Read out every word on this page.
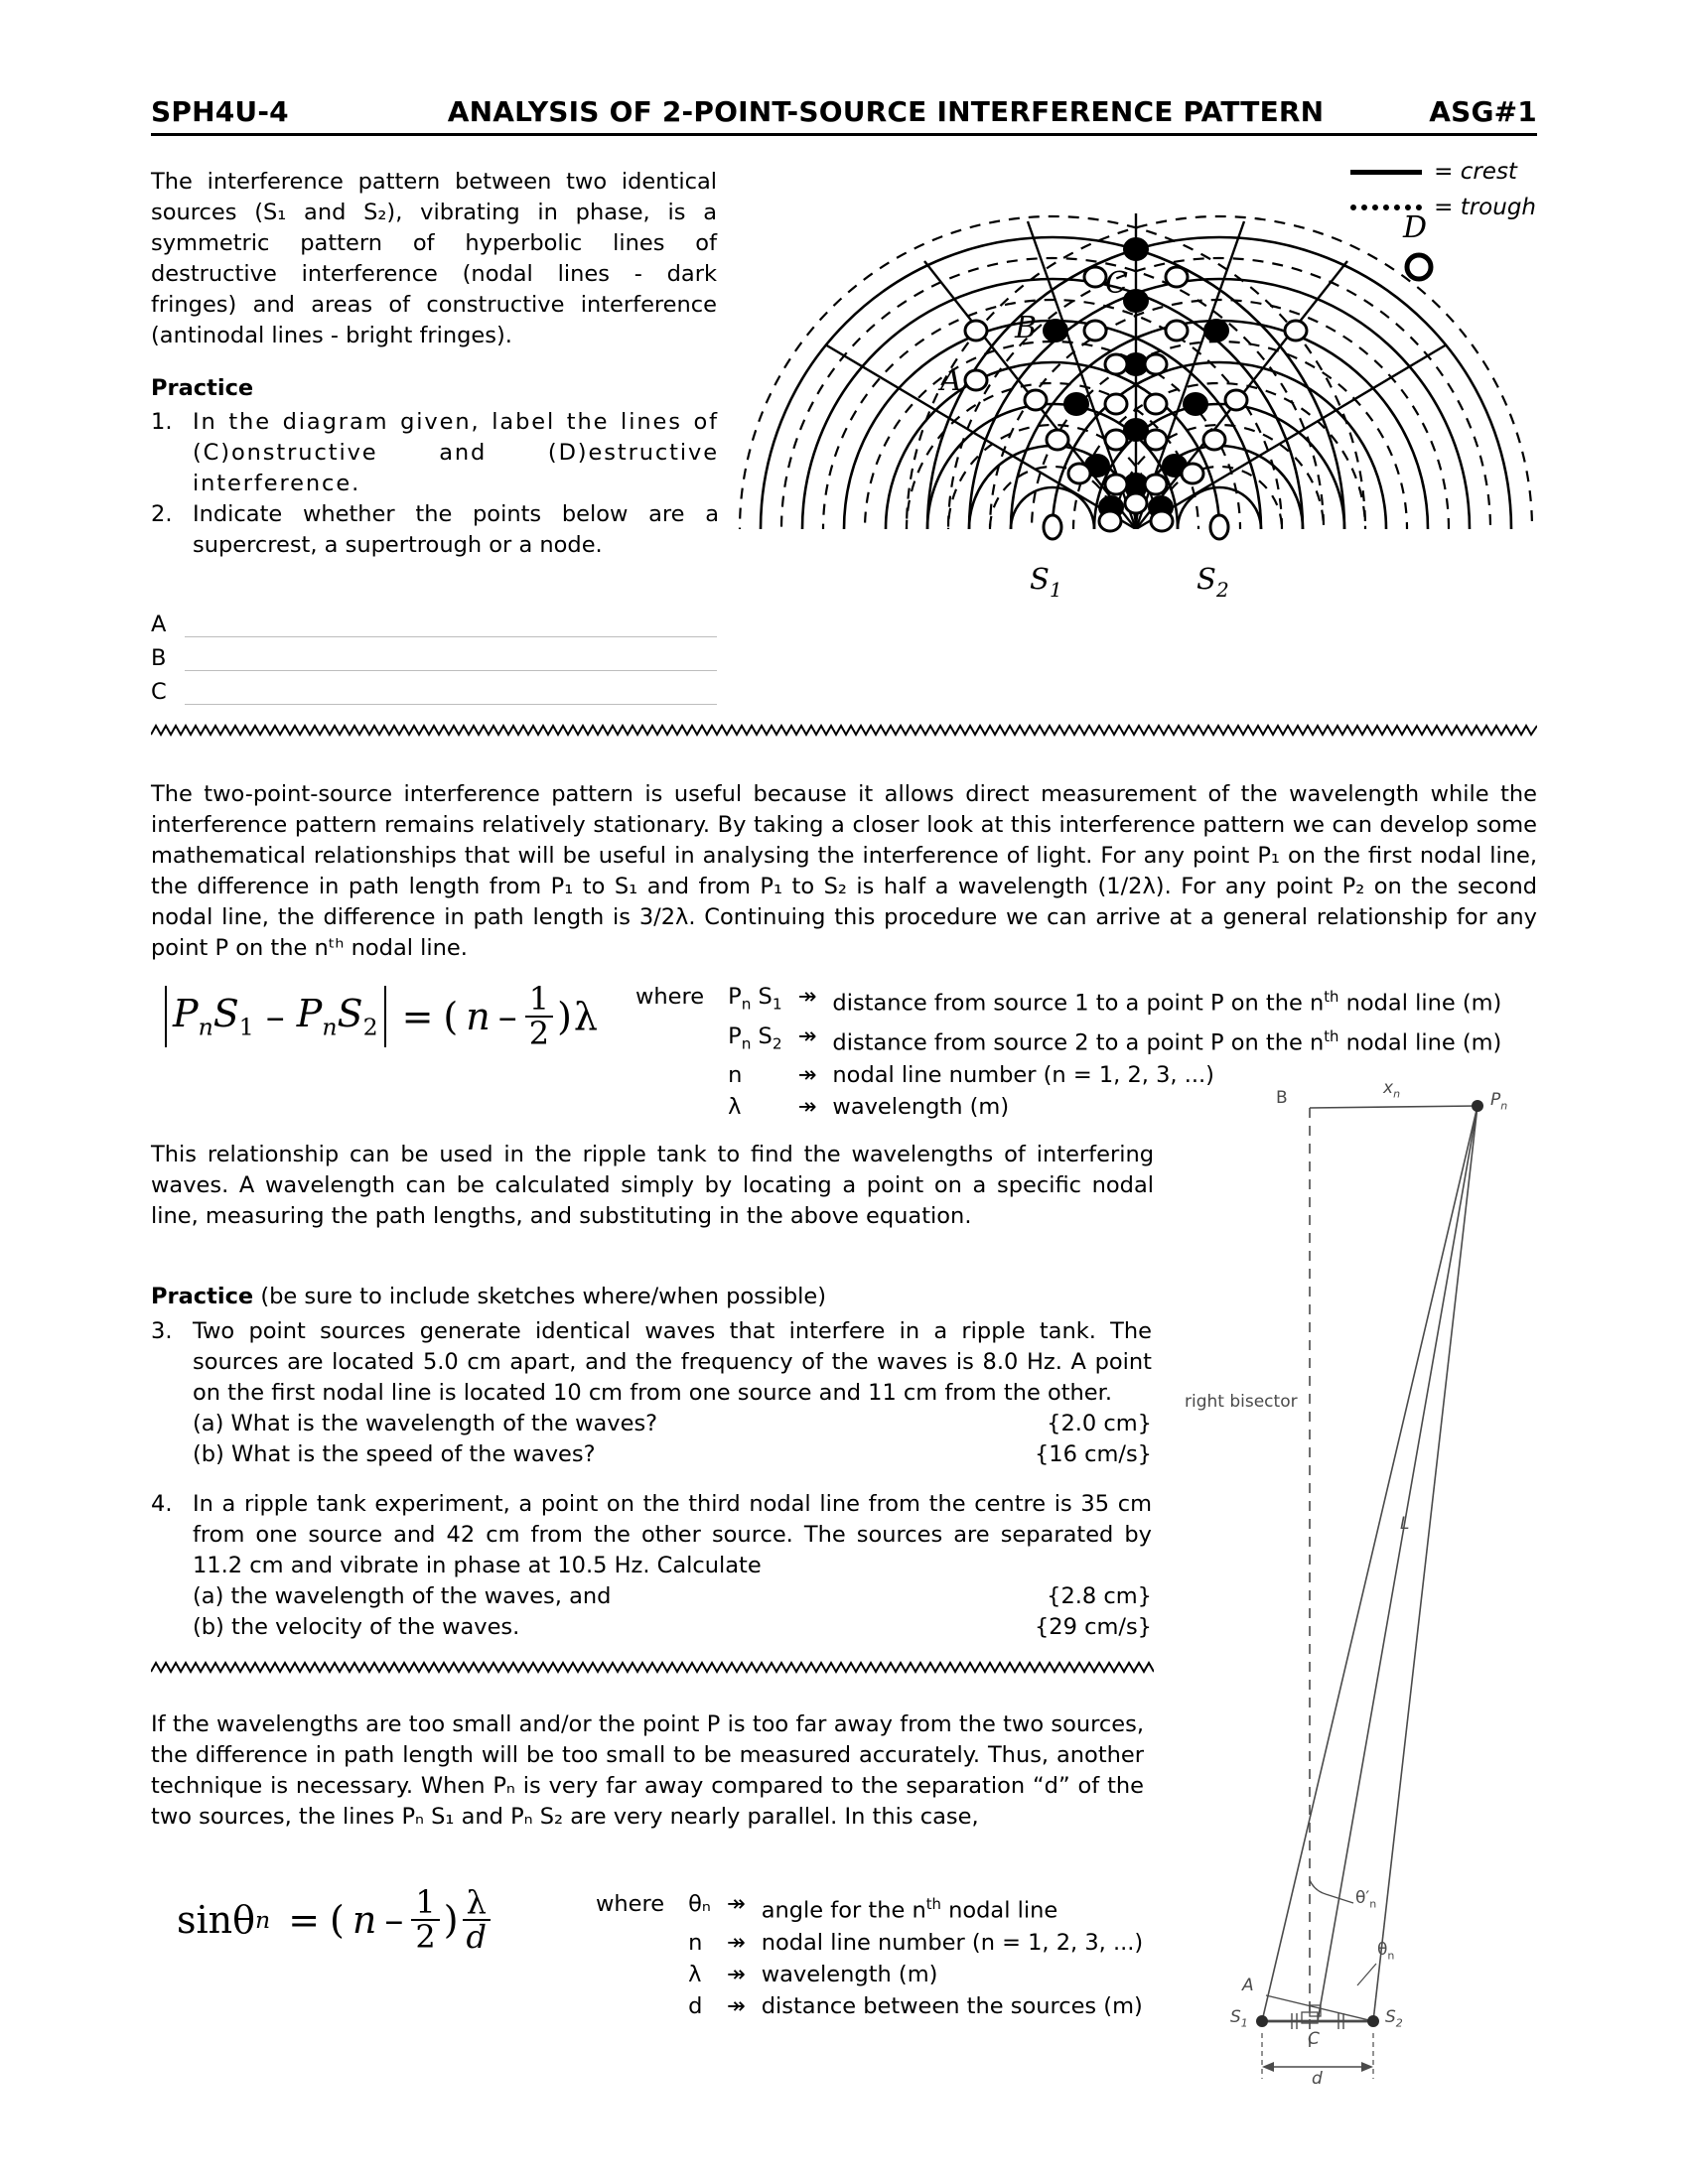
SPH4U-4	ANALYSIS OF 2-POINT-SOURCE INTERFERENCE PATTERN	ASG#1
The interference pattern between two identical sources (S₁ and S₂), vibrating in phase, is a symmetric pattern of hyperbolic lines of destructive interference (nodal lines - dark fringes) and areas of constructive interference (antinodal lines - bright fringes).
Practice
1. In the diagram given, label the lines of (C)onstructive and (D)estructive interference.
2. Indicate whether the points below are a supercrest, a supertrough or a node.
A
B
C
= crest
= trough
A
B
C
D
S 1	S 2
The two-point-source interference pattern is useful because it allows direct measurement of the wavelength while the interference pattern remains relatively stationary. By taking a closer look at this interference pattern we can develop some mathematical relationships that will be useful in analysing the interference of light. For any point P₁ on the first nodal line, the difference in path length from P₁ to S₁ and from P₁ to S₂ is half a wavelength (1/2λ). For any point P₂ on the second nodal line, the difference in path length is 3/2λ. Continuing this procedure we can arrive at a general relationship for any point P on the nᵗʰ nodal line.
$P_nS_1 - P_nS_2$ = ( n – $\frac{1}{2}$ ) λ where	$P_n$ $S_1$ ↠ distance from source 1 to a point P on the $n^{th}$ nodal line (m)
$P_n$ $S_2$ ↠ distance from source 2 to a point P on the $n^{th}$ nodal line (m)
n	↠ nodal line number (n = 1, 2, 3, ...)
λ	↠ wavelength (m)
This relationship can be used in the ripple tank to find the wavelengths of interfering waves. A wavelength can be calculated simply by locating a point on a specific nodal line, measuring the path lengths, and substituting in the above equation.
Practice (be sure to include sketches where/when possible)
3. Two point sources generate identical waves that interfere in a ripple tank. The sources are located 5.0 cm apart, and the frequency of the waves is 8.0 Hz. A point on the first nodal line is located 10 cm from one source and 11 cm from the other.
(a) What is the wavelength of the waves?	{2.0 cm}
(b) What is the speed of the waves?	{16 cm/s}
4. In a ripple tank experiment, a point on the third nodal line from the centre is 35 cm from one source and 42 cm from the other source. The sources are separated by 11.2 cm and vibrate in phase at 10.5 Hz. Calculate
(a) the wavelength of the waves, and	{2.8 cm}
(b) the velocity of the waves.	{29 cm/s}
If the wavelengths are too small and/or the point P is too far away from the two sources, the difference in path length will be too small to be measured accurately. Thus, another technique is necessary. When Pₙ is very far away compared to the separation “d” of the two sources, the lines Pₙ S₁ and Pₙ S₂ are very nearly parallel. In this case,
sin θ n = ( n – $\frac{1}{2}$ ) $\frac{\lambda}{d}$	where	θₙ ↠ angle for the $n^{th}$ nodal line
n	↠ nodal line number (n = 1, 2, 3, ...)
λ	↠ wavelength (m)
d	↠ distance between the sources (m)
B	$x_n$	$P_n$
right bisector
L
$\theta'_n$
$\theta_n$
A
$S_1$	$S_2$
C
d
